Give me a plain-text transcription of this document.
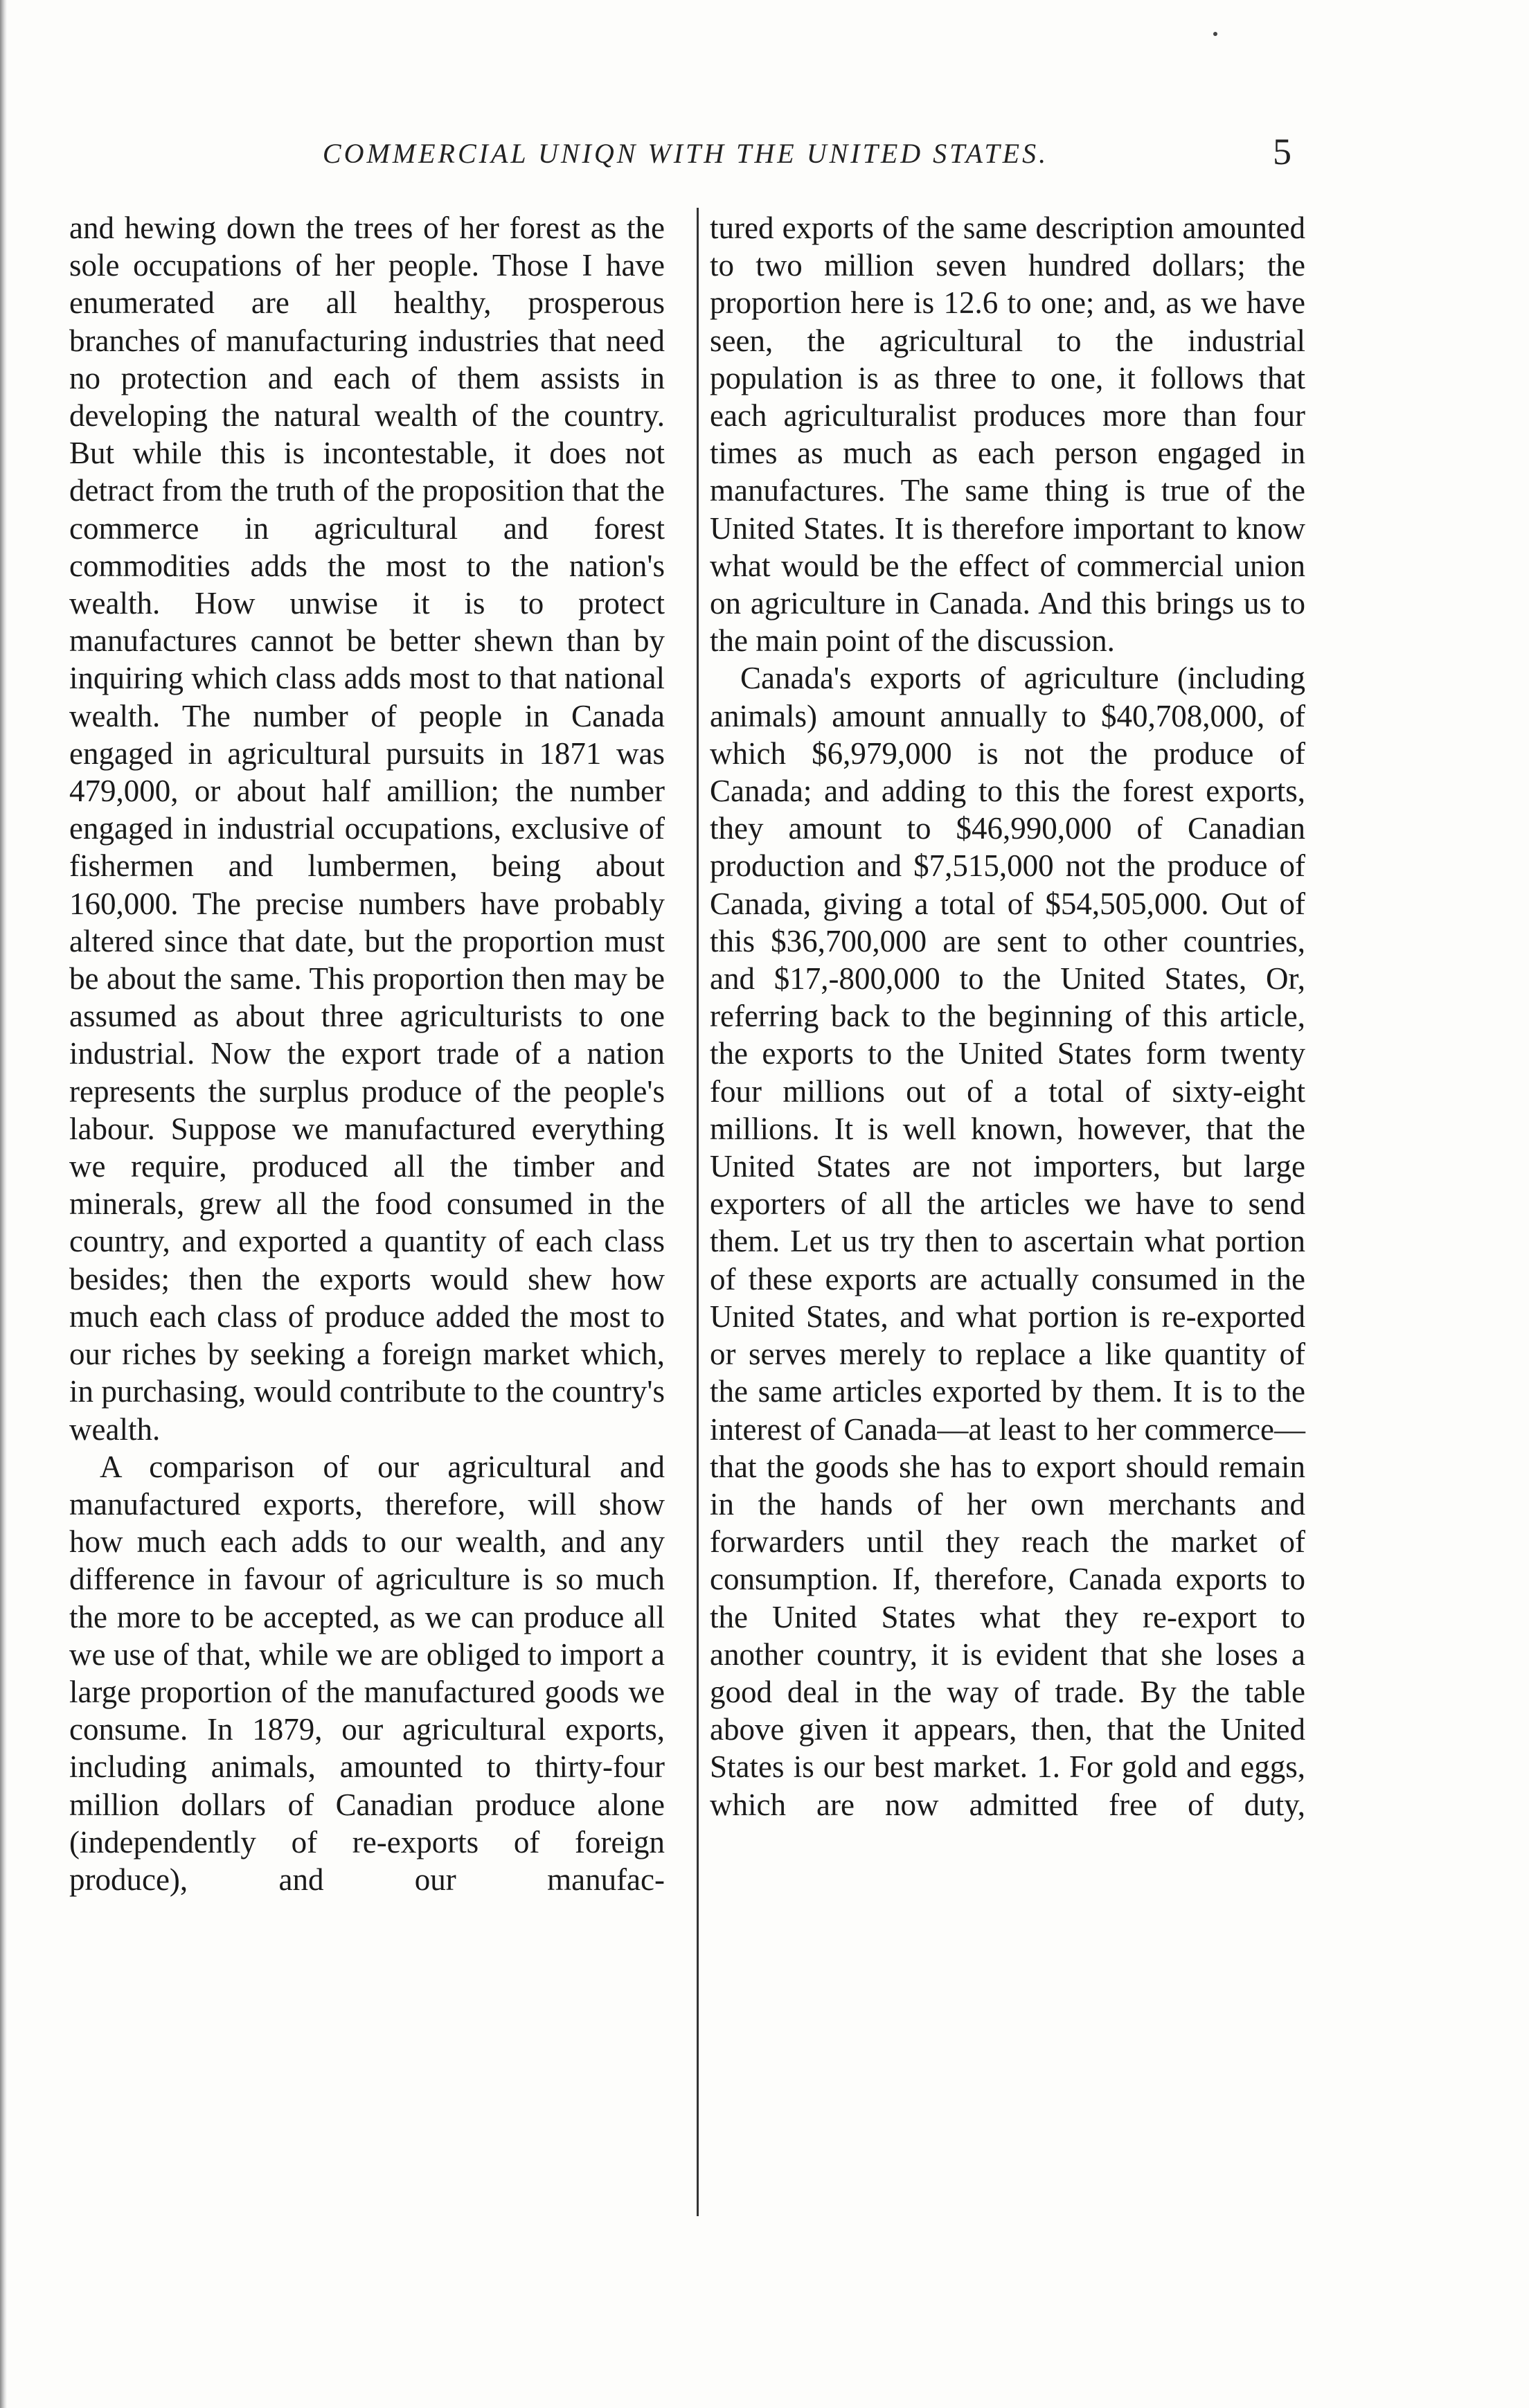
COMMERCIAL UNIQN WITH THE UNITED STATES.	5

and hewing down the trees of her forest as the sole occupations of her people. Those I have enumerated are all healthy, prosperous branches of manufacturing industries that need no protection and each of them assists in developing the natural wealth of the country. But while this is incontestable, it does not detract from the truth of the proposition that the commerce in agricultural and forest commodities adds the most to the nation's wealth. How unwise it is to protect manufactures cannot be better shewn than by inquiring which class adds most to that national wealth. The number of people in Canada engaged in agricultural pursuits in 1871 was 479,000, or about half amillion; the number engaged in industrial occupations, exclusive of fishermen and lumbermen, being about 160,000. The precise numbers have probably altered since that date, but the proportion must be about the same. This proportion then may be assumed as about three agriculturists to one industrial. Now the export trade of a nation represents the surplus produce of the people's labour. Suppose we manufactured everything we require, produced all the timber and minerals, grew all the food consumed in the country, and exported a quantity of each class besides; then the exports would shew how much each class of produce added the most to our riches by seeking a foreign market which, in purchasing, would contribute to the country's wealth.

A comparison of our agricultural and manufactured exports, therefore, will show how much each adds to our wealth, and any difference in favour of agriculture is so much the more to be accepted, as we can produce all we use of that, while we are obliged to import a large proportion of the manufactured goods we consume. In 1879, our agricultural exports, including animals, amounted to thirty-four million dollars of Canadian produce alone (independently of re-exports of foreign produce), and our manufac-

tured exports of the same description amounted to two million seven hundred dollars; the proportion here is 12.6 to one; and, as we have seen, the agricultural to the industrial population is as three to one, it follows that each agriculturalist produces more than four times as much as each person engaged in manufactures. The same thing is true of the United States. It is therefore important to know what would be the effect of commercial union on agriculture in Canada. And this brings us to the main point of the discussion.

Canada's exports of agriculture (including animals) amount annually to $40,708,000, of which $6,979,000 is not the produce of Canada; and adding to this the forest exports, they amount to $46,990,000 of Canadian production and $7,515,000 not the produce of Canada, giving a total of $54,505,000. Out of this $36,700,000 are sent to other countries, and $17,-800,000 to the United States, Or, referring back to the beginning of this article, the exports to the United States form twenty four millions out of a total of sixty-eight millions. It is well known, however, that the United States are not importers, but large exporters of all the articles we have to send them. Let us try then to ascertain what portion of these exports are actually consumed in the United States, and what portion is re-exported or serves merely to replace a like quantity of the same articles exported by them. It is to the interest of Canada—at least to her commerce—that the goods she has to export should remain in the hands of her own merchants and forwarders until they reach the market of consumption. If, therefore, Canada exports to the United States what they re-export to another country, it is evident that she loses a good deal in the way of trade. By the table above given it appears, then, that the United States is our best market. 1. For gold and eggs, which are now admitted free of duty,
